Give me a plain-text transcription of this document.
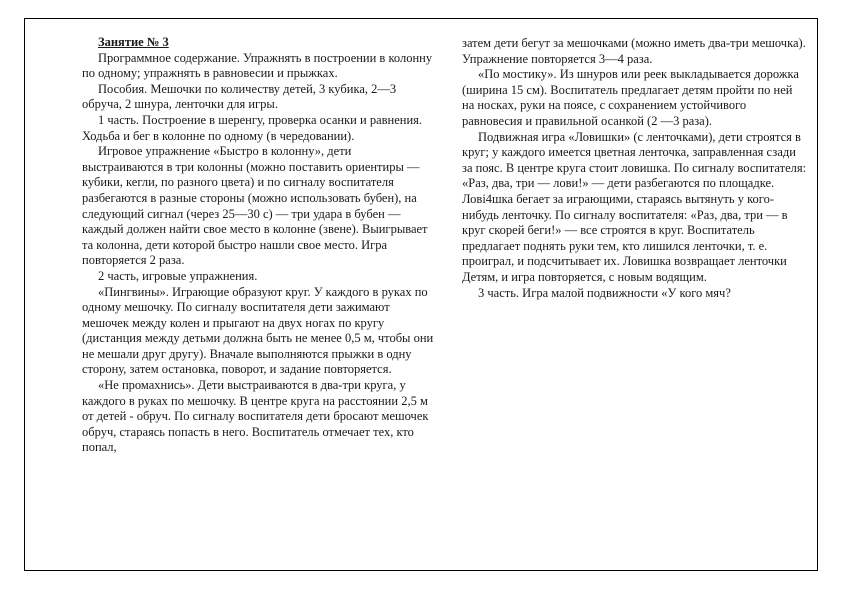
Занятие № 3

Программное содержание. Упражнять в построении в колонну по одному; упражнять в равновесии и прыжках.

Пособия. Мешочки по количеству детей, 3 кубика, 2—3 обруча, 2 шнура, ленточки для игры.

1 часть. Построение в шеренгу, проверка осанки и равнения. Ходьба и бег в колонне по одному (в чередовании).

Игровое упражнение «Быстро в колонну», дети выстраиваются в три колонны (можно поставить ориентиры — кубики, кегли, по разного цвета) и по сигналу воспитателя разбегаются в разные стороны (можно использовать бубен), на следующий сигнал (через 25—30 с) — три удара в бубен — каждый должен найти свое место в колонне (звене). Выигрывает та колонна, дети которой быстро нашли свое место. Игра повторяется 2 раза.

2 часть, игровые упражнения.

«Пингвины». Играющие образуют круг. У каждого в руках по одному мешочку. По сигналу воспитателя дети зажимают мешочек между колен и прыгают на двух ногах по кругу (дистанция между детьми должна быть не менее 0,5 м, чтобы они не мешали друг другу). Вначале выполняются прыжки в одну сторону, затем остановка, поворот, и задание повторяется.

«Не промахнись». Дети выстраиваются в два-три круга, у каждого в руках по мешочку. В центре круга на расстоянии 2,5 м от детей - обруч. По сигналу воспитателя дети бросают мешочек обруч, стараясь попасть в него. Воспитатель отмечает тех, кто попал,

затем дети бегут за мешочками (можно иметь два-три мешочка). Упражнение повторяется 3—4 раза.

«По мостику». Из шнуров или реек выкладывается дорожка (ширина 15 см). Воспитатель предлагает детям пройти по ней на носках, руки на поясе, с сохранением устойчивого равновесия и правильной осанкой (2 —3 раза).

Подвижная игра «Ловишки» (с ленточками), дети строятся в круг; у каждого имеется цветная ленточка, заправленная сзади за пояс. В центре круга стоит ловишка. По сигналу воспитателя: «Раз, два, три — лови!» — дети разбегаются по площадке. Лові4шка бегает за играющими, стараясь вытянуть у кого-нибудь ленточку. По сигналу воспитателя: «Раз, два, три — в круг скорей беги!» — все строятся в круг. Воспитатель предлагает поднять руки тем, кто лишился ленточки, т. е. проиграл, и подсчитывает их. Ловишка возвращает ленточки Детям, и игра повторяется, с новым водящим.

3 часть. Игра малой подвижности «У кого мяч?
